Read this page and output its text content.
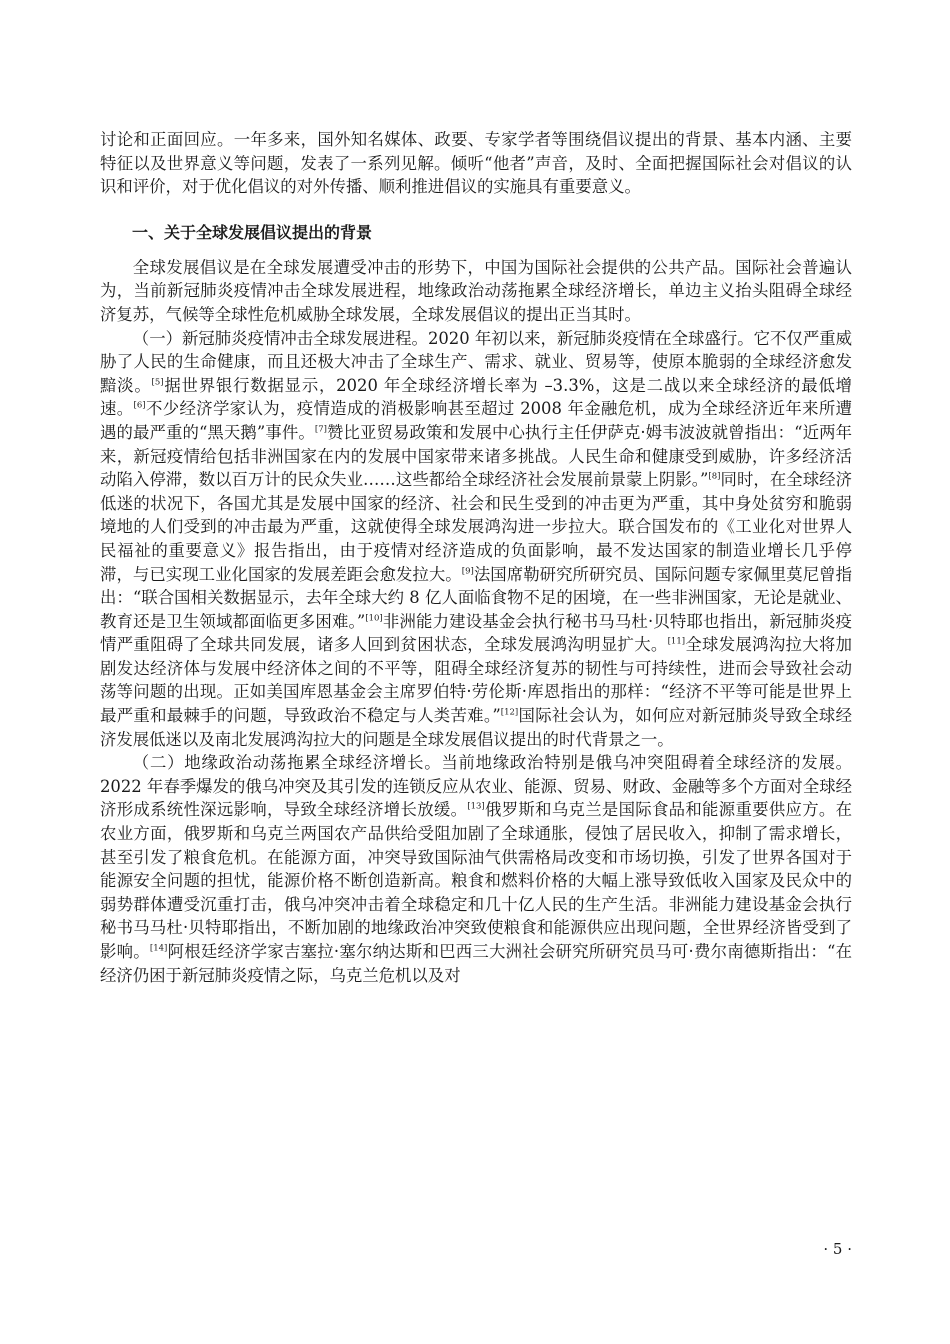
讨论和正面回应。一年多来，国外知名媒体、政要、专家学者等围绕倡议提出的背景、基本内涵、主要特征以及世界意义等问题，发表了一系列见解。倾听“他者”声音，及时、全面把握国际社会对倡议的认识和评价，对于优化倡议的对外传播、顺利推进倡议的实施具有重要意义。

一、关于全球发展倡议提出的背景

全球发展倡议是在全球发展遭受冲击的形势下，中国为国际社会提供的公共产品。国际社会普遍认为，当前新冠肺炎疫情冲击全球发展进程，地缘政治动荡拖累全球经济增长，单边主义抬头阻碍全球经济复苏，气候等全球性危机威胁全球发展，全球发展倡议的提出正当其时。

（一）新冠肺炎疫情冲击全球发展进程。2020 年初以来，新冠肺炎疫情在全球盛行。它不仅严重威胁了人民的生命健康，而且还极大冲击了全球生产、需求、就业、贸易等，使原本脆弱的全球经济愈发黯淡。[5]据世界银行数据显示，2020 年全球经济增长率为 –3.3%，这是二战以来全球经济的最低增速。[6]不少经济学家认为，疫情造成的消极影响甚至超过 2008 年金融危机，成为全球经济近年来所遭遇的最严重的“黑天鹅”事件。[7]赞比亚贸易政策和发展中心执行主任伊萨克·姆韦波波就曾指出：“近两年来，新冠疫情给包括非洲国家在内的发展中国家带来诸多挑战。人民生命和健康受到威胁，许多经济活动陷入停滞，数以百万计的民众失业……这些都给全球经济社会发展前景蒙上阴影。”[8]同时，在全球经济低迷的状况下，各国尤其是发展中国家的经济、社会和民生受到的冲击更为严重，其中身处贫穷和脆弱境地的人们受到的冲击最为严重，这就使得全球发展鸿沟进一步拉大。联合国发布的《工业化对世界人民福祉的重要意义》报告指出，由于疫情对经济造成的负面影响，最不发达国家的制造业增长几乎停滞，与已实现工业化国家的发展差距会愈发拉大。[9]法国席勒研究所研究员、国际问题专家佩里莫尼曾指出：“联合国相关数据显示，去年全球大约 8 亿人面临食物不足的困境，在一些非洲国家，无论是就业、教育还是卫生领域都面临更多困难。”[10]非洲能力建设基金会执行秘书马马杜·贝特耶也指出，新冠肺炎疫情严重阻碍了全球共同发展，诸多人回到贫困状态，全球发展鸿沟明显扩大。[11]全球发展鸿沟拉大将加剧发达经济体与发展中经济体之间的不平等，阻碍全球经济复苏的韧性与可持续性，进而会导致社会动荡等问题的出现。正如美国库恩基金会主席罗伯特·劳伦斯·库恩指出的那样：“经济不平等可能是世界上最严重和最棘手的问题，导致政治不稳定与人类苦难。”[12]国际社会认为，如何应对新冠肺炎导致全球经济发展低迷以及南北发展鸿沟拉大的问题是全球发展倡议提出的时代背景之一。

（二）地缘政治动荡拖累全球经济增长。当前地缘政治特别是俄乌冲突阻碍着全球经济的发展。2022 年春季爆发的俄乌冲突及其引发的连锁反应从农业、能源、贸易、财政、金融等多个方面对全球经济形成系统性深远影响，导致全球经济增长放缓。[13]俄罗斯和乌克兰是国际食品和能源重要供应方。在农业方面，俄罗斯和乌克兰两国农产品供给受阻加剧了全球通胀，侵蚀了居民收入，抑制了需求增长，甚至引发了粮食危机。在能源方面，冲突导致国际油气供需格局改变和市场切换，引发了世界各国对于能源安全问题的担忧，能源价格不断创造新高。粮食和燃料价格的大幅上涨导致低收入国家及民众中的弱势群体遭受沉重打击，俄乌冲突冲击着全球稳定和几十亿人民的生产生活。非洲能力建设基金会执行秘书马马杜·贝特耶指出，不断加剧的地缘政治冲突致使粮食和能源供应出现问题，全世界经济皆受到了影响。[14]阿根廷经济学家吉塞拉·塞尔纳达斯和巴西三大洲社会研究所研究员马可·费尔南德斯指出：“在经济仍困于新冠肺炎疫情之际，乌克兰危机以及对

· 5 ·
